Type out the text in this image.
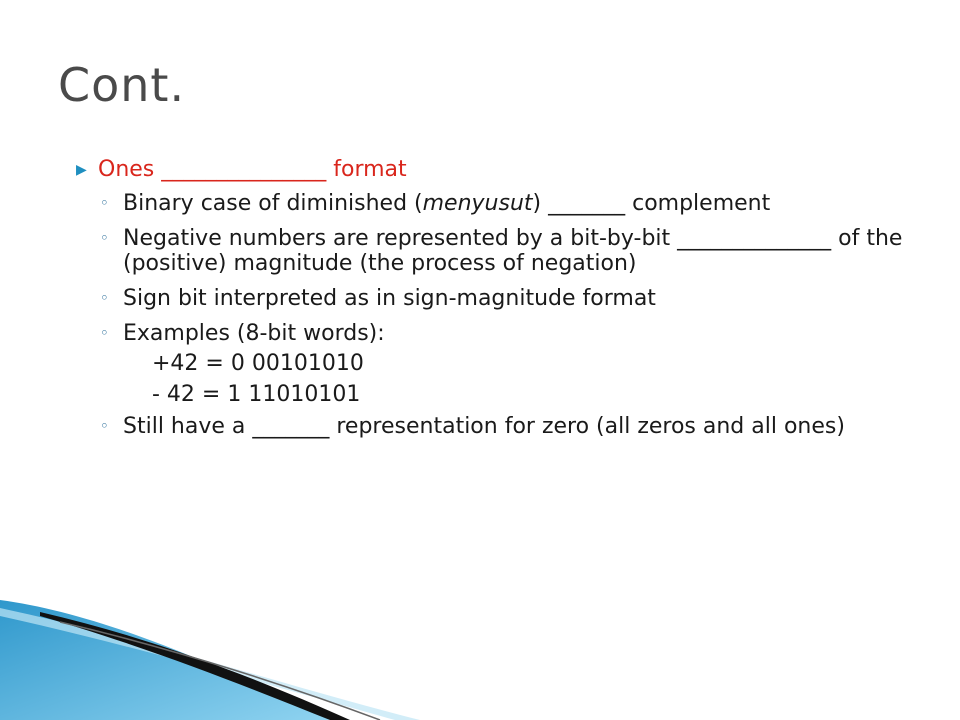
Cont.
▶ Ones _______________ format
◦ Binary case of diminished (menyusut) _______ complement
◦ Negative numbers are represented by a bit-by-bit ______________ of the (positive) magnitude (the process of negation)
◦ Sign bit interpreted as in sign-magnitude format
◦ Examples (8-bit words):
+42 = 0 00101010
- 42 = 1 11010101
◦ Still have a _______ representation for zero (all zeros and all ones)
